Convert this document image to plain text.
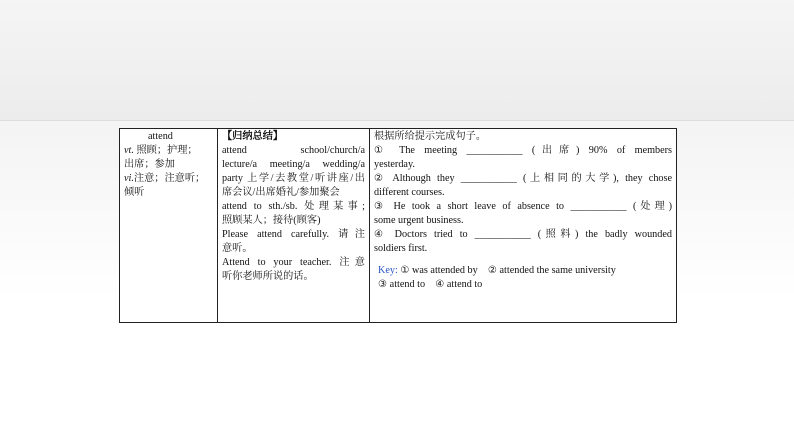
attend
vt. 照顾；护理；
出席；参加
vi.注意；注意听；
倾听

【归纳总结】
attend school/church/a
lecture/a meeting/a wedding/a
party 上学/去教堂/听讲座/出
席会议/出席婚礼/参加聚会
attend to sth./sb. 处理某事;
照顾某人；接待(顾客)
Please attend carefully. 请注
意听。
Attend to your teacher. 注意
听你老师所说的话。

根据所给提示完成句子。
① The meeting ___________ (出席) 90% of members
yesterday.
② Although they ___________ (上相同的大学), they chose
different courses.
③ He took a short leave of absence to ___________ (处理)
some urgent business.
④ Doctors tried to ___________ (照料) the badly wounded
soldiers first.
Key: ① was attended by    ② attended the same university
③ attend to    ④ attend to
